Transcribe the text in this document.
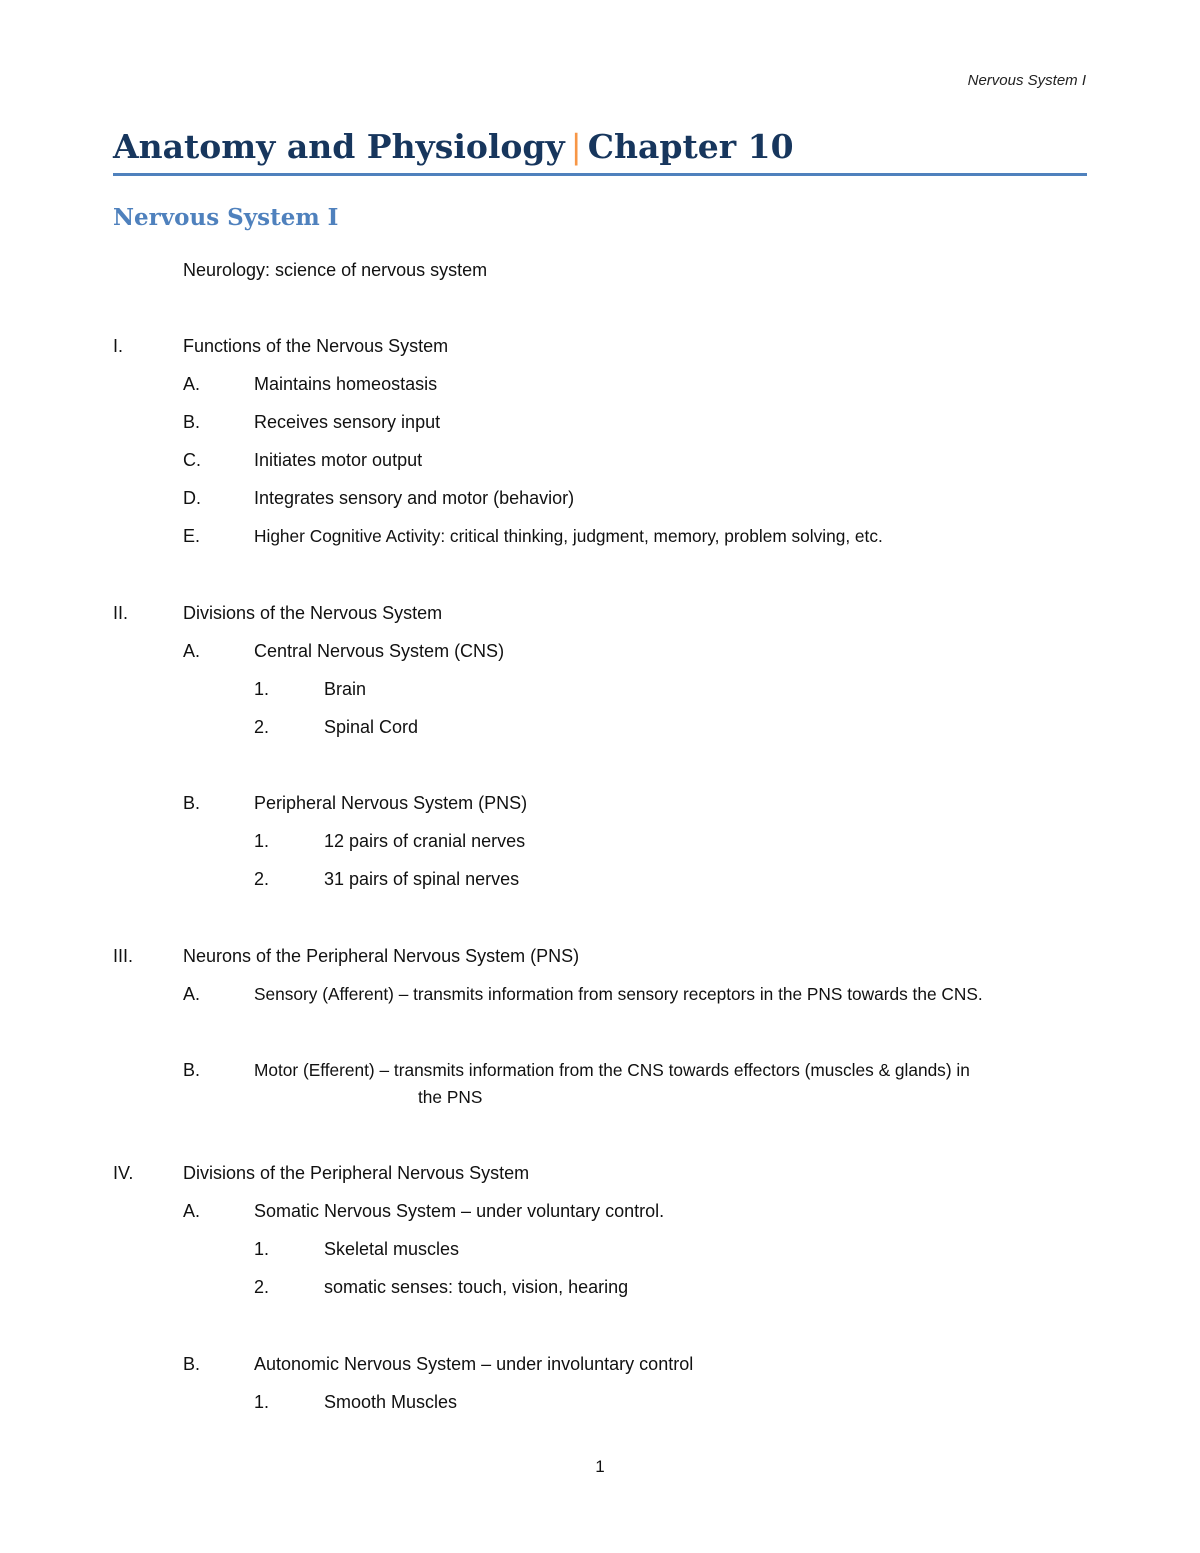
Nervous System I
Anatomy and Physiology | Chapter 10
Nervous System I
Neurology: science of nervous system
I.	Functions of the Nervous System
A.	Maintains homeostasis
B.	Receives sensory input
C.	Initiates motor output
D.	Integrates sensory and motor (behavior)
E.	Higher Cognitive Activity: critical thinking, judgment, memory, problem solving, etc.
II.	Divisions of the Nervous System
A.	Central Nervous System (CNS)
1.	Brain
2.	Spinal Cord
B.	Peripheral Nervous System (PNS)
1.	12 pairs of cranial nerves
2.	31 pairs of spinal nerves
III.	Neurons of the Peripheral Nervous System (PNS)
A.	Sensory (Afferent) – transmits information from sensory receptors in the PNS towards the CNS.
B.	Motor (Efferent) – transmits information from the CNS towards effectors (muscles & glands) in
the PNS
IV.	Divisions of the Peripheral Nervous System
A.	Somatic Nervous System – under voluntary control.
1.	Skeletal muscles
2.	somatic senses: touch, vision, hearing
B.	Autonomic Nervous System – under involuntary control
1.	Smooth Muscles
1
